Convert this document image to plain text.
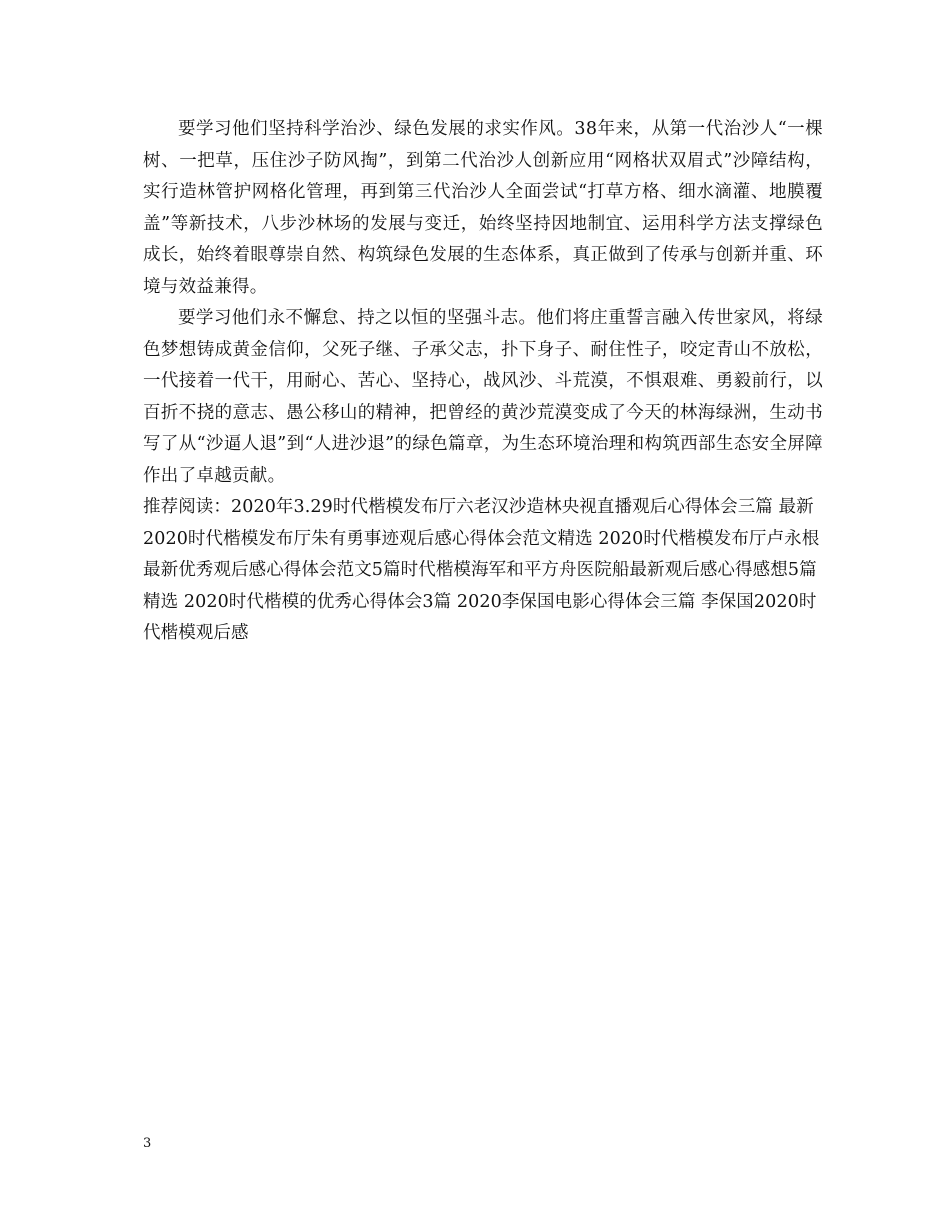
要学习他们坚持科学治沙、绿色发展的求实作风。38年来，从第一代治沙人“一棵树、一把草，压住沙子防风掏”，到第二代治沙人创新应用“网格状双眉式”沙障结构，实行造林管护网格化管理，再到第三代治沙人全面尝试“打草方格、细水滴灌、地膜覆盖”等新技术，八步沙林场的发展与变迁，始终坚持因地制宜、运用科学方法支撑绿色成长，始终着眼尊崇自然、构筑绿色发展的生态体系，真正做到了传承与创新并重、环境与效益兼得。

要学习他们永不懈怠、持之以恒的坚强斗志。他们将庄重誓言融入传世家风，将绿色梦想铸成黄金信仰，父死子继、子承父志，扑下身子、耐住性子，咬定青山不放松，一代接着一代干，用耐心、苦心、坚持心，战风沙、斗荒漠，不惧艰难、勇毅前行，以百折不挠的意志、愚公移山的精神，把曾经的黄沙荒漠变成了今天的林海绿洲，生动书写了从“沙逼人退”到“人进沙退”的绿色篇章，为生态环境治理和构筑西部生态安全屏障作出了卓越贡献。

推荐阅读：2020年3.29时代楷模发布厅六老汉沙造林央视直播观后心得体会三篇 最新2020时代楷模发布厅朱有勇事迹观后感心得体会范文精选 2020时代楷模发布厅卢永根最新优秀观后感心得体会范文5篇时代楷模海军和平方舟医院船最新观后感心得感想5篇精选 2020时代楷模的优秀心得体会3篇 2020李保国电影心得体会三篇 李保国2020时代楷模观后感

3
